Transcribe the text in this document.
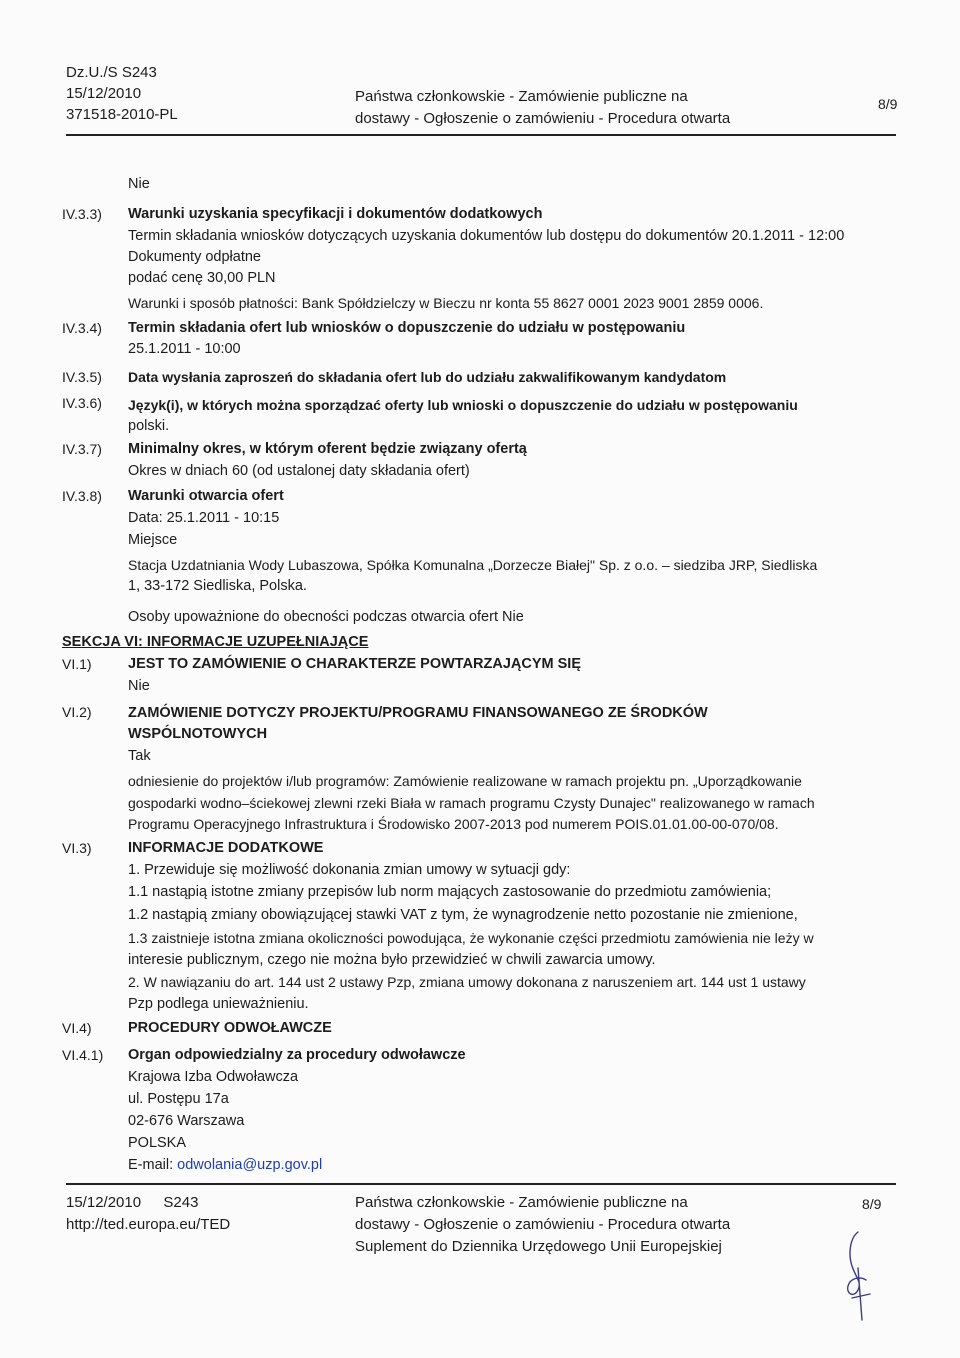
Dz.U./S S243
15/12/2010
371518-2010-PL
Państwa członkowskie - Zamówienie publiczne na
dostawy - Ogłoszenie o zamówieniu - Procedura otwarta
8/9
Nie
IV.3.3) Warunki uzyskania specyfikacji i dokumentów dodatkowych
Termin składania wniosków dotyczących uzyskania dokumentów lub dostępu do dokumentów 20.1.2011 - 12:00
Dokumenty odpłatne
podać cenę 30,00 PLN
Warunki i sposób płatności: Bank Spółdzielczy w Bieczu nr konta 55 8627 0001 2023 9001 2859 0006.
IV.3.4) Termin składania ofert lub wniosków o dopuszczenie do udziału w postępowaniu
25.1.2011 - 10:00
IV.3.5) Data wysłania zaproszeń do składania ofert lub do udziału zakwalifikowanym kandydatom
IV.3.6) Język(i), w których można sporządzać oferty lub wnioski o dopuszczenie do udziału w postępowaniu
polski.
IV.3.7) Minimalny okres, w którym oferent będzie związany ofertą
Okres w dniach 60 (od ustalonej daty składania ofert)
IV.3.8) Warunki otwarcia ofert
Data: 25.1.2011 - 10:15
Miejsce
Stacja Uzdatniania Wody Lubaszowa, Spółka Komunalna „Dorzecze Białej" Sp. z o.o. – siedziba JRP, Siedliska
1, 33-172 Siedliska, Polska.
Osoby upoważnione do obecności podczas otwarcia ofert Nie
SEKCJA VI: INFORMACJE UZUPEŁNIAJĄCE
VI.1)	JEST TO ZAMÓWIENIE O CHARAKTERZE POWTARZAJĄCYM SIĘ
Nie
VI.2)	ZAMÓWIENIE DOTYCZY PROJEKTU/PROGRAMU FINANSOWANEGO ZE ŚRODKÓW
WSPÓLNOTOWYCH
Tak
odniesienie do projektów i/lub programów: Zamówienie realizowane w ramach projektu pn. „Uporządkowanie
gospodarki wodno–ściekowej zlewni rzeki Biała w ramach programu Czysty Dunajec" realizowanego w ramach
Programu Operacyjnego Infrastruktura i Środowisko 2007-2013 pod numerem POIS.01.01.00-00-070/08.
VI.3)	INFORMACJE DODATKOWE
1. Przewiduje się możliwość dokonania zmian umowy w sytuacji gdy:
1.1 nastąpią istotne zmiany przepisów lub norm mających zastosowanie do przedmiotu zamówienia;
1.2 nastąpią zmiany obowiązującej stawki VAT z tym, że wynagrodzenie netto pozostanie nie zmienione,
1.3 zaistnieje istotna zmiana okoliczności powodująca, że wykonanie części przedmiotu zamówienia nie leży w
interesie publicznym, czego nie można było przewidzieć w chwili zawarcia umowy.
2. W nawiązaniu do art. 144 ust 2 ustawy Pzp, zmiana umowy dokonana z naruszeniem art. 144 ust 1 ustawy
Pzp podlega unieważnieniu.
VI.4)	PROCEDURY ODWOŁAWCZE
VI.4.1) Organ odpowiedzialny za procedury odwoławcze
Krajowa Izba Odwoławcza
ul. Postępu 17a
02-676 Warszawa
POLSKA
E-mail: odwolania@uzp.gov.pl
15/12/2010 S243
http://ted.europa.eu/TED
Państwa członkowskie - Zamówienie publiczne na
dostawy - Ogłoszenie o zamówieniu - Procedura otwarta
Suplement do Dziennika Urzędowego Unii Europejskiej
8/9
